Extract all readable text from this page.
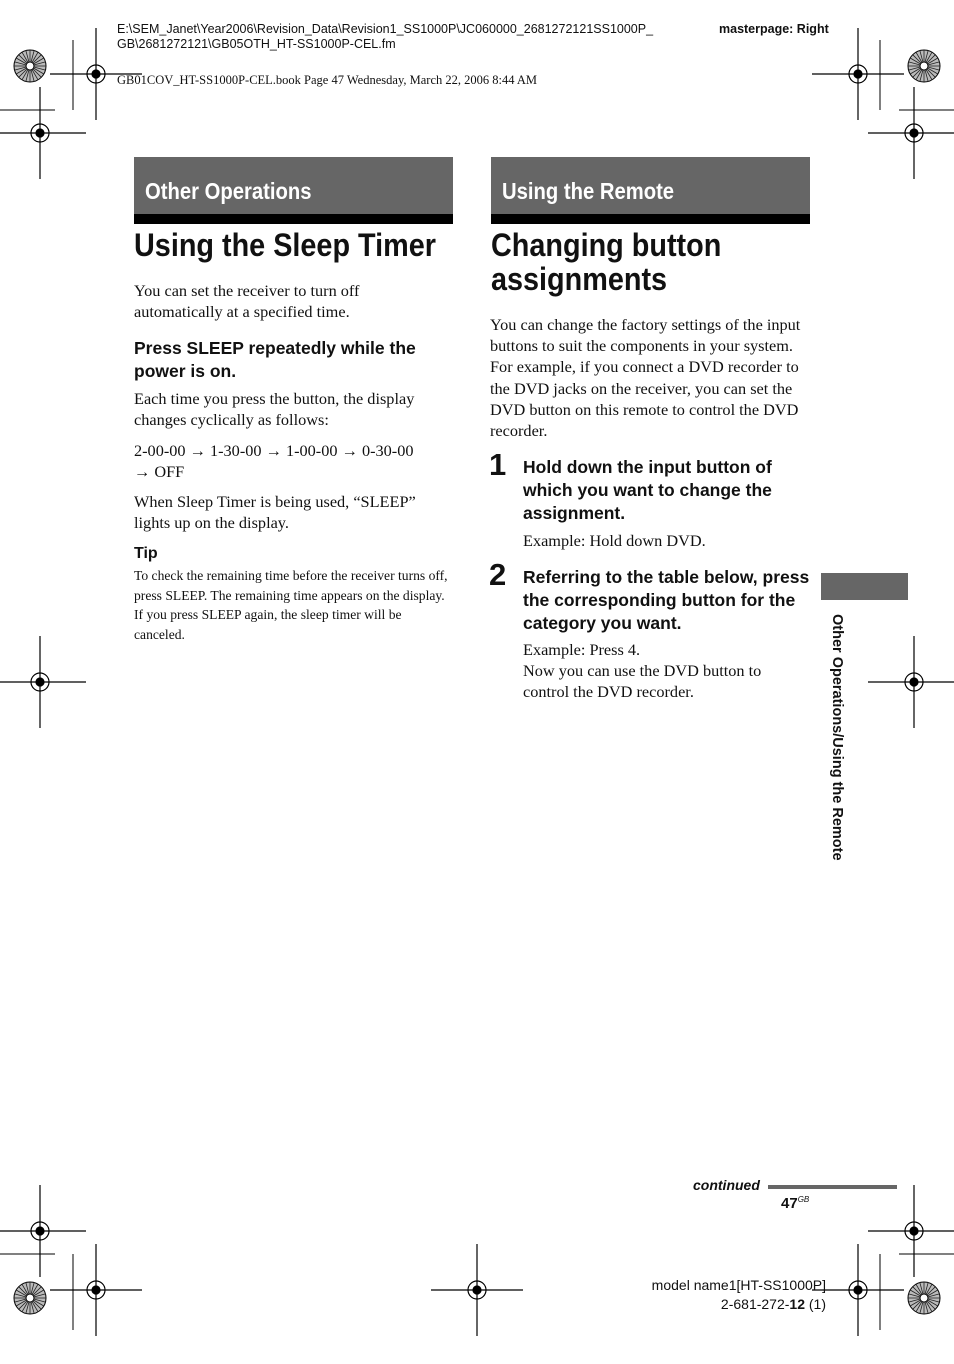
E:\SEM_Janet\Year2006\Revision_Data\Revision1_SS1000P\JC060000_2681272121SS1000P_
GB\2681272121\GB05OTH_HT-SS1000P-CEL.fm
masterpage: Right
GB01COV_HT-SS1000P-CEL.book Page 47 Wednesday, March 22, 2006 8:44 AM
Other Operations
Using the Sleep Timer
You can set the receiver to turn off automatically at a specified time.
Press SLEEP repeatedly while the power is on.
Each time you press the button, the display changes cyclically as follows:
2-00-00 → 1-30-00 → 1-00-00 → 0-30-00
→ OFF
When Sleep Timer is being used, “SLEEP” lights up on the display.
Tip
To check the remaining time before the receiver turns off, press SLEEP. The remaining time appears on the display. If you press SLEEP again, the sleep timer will be canceled.
Using the Remote
Changing button
assignments
You can change the factory settings of the input buttons to suit the components in your system. For example, if you connect a DVD recorder to the DVD jacks on the receiver, you can set the DVD button on this remote to control the DVD recorder.
1 Hold down the input button of which you want to change the assignment.
Example: Hold down DVD.
2 Referring to the table below, press the corresponding button for the category you want.
Example: Press 4.
Now you can use the DVD button to control the DVD recorder.	Other Operations/Using the Remote
continued
$47^{GB}$
model name1[HT-SS1000P]
2-681-272-12 (1)
